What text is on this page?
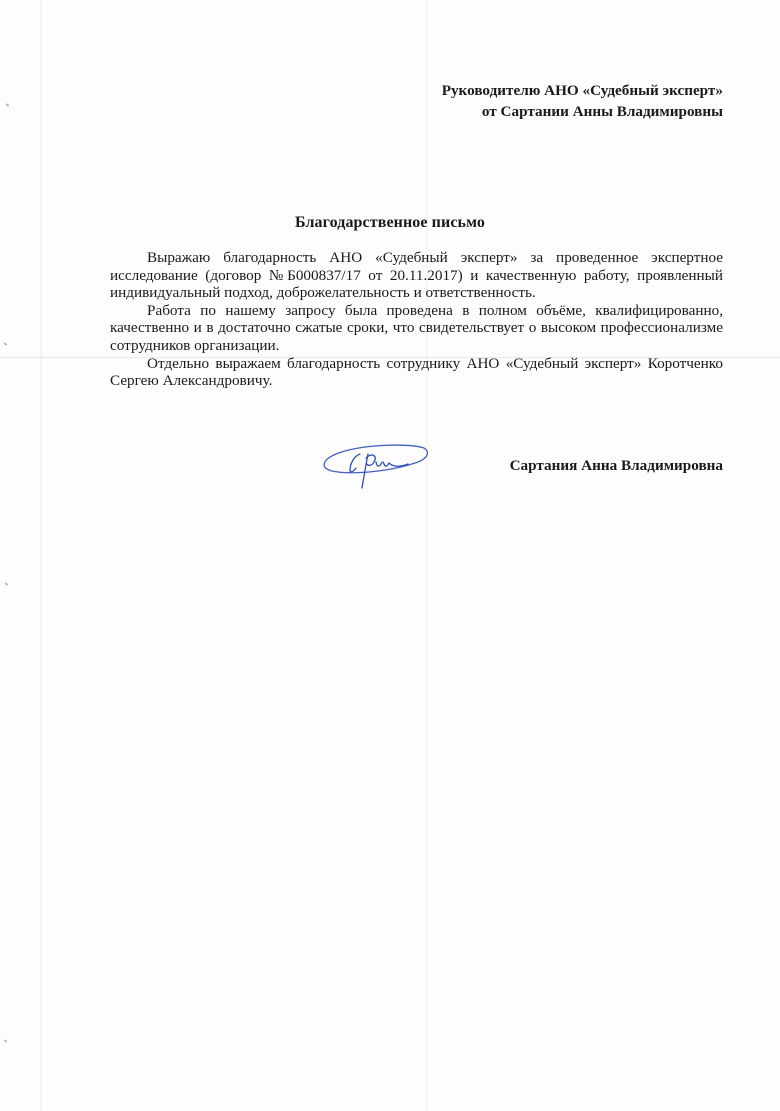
Руководителю АНО «Судебный эксперт»
от Сартании Анны Владимировны
Благодарственное письмо

Выражаю благодарность АНО «Судебный эксперт» за проведенное экспертное исследование (договор №Б000837/17 от 20.11.2017) и качественную работу, проявленный индивидуальный подход, доброжелательность и ответственность.

Работа по нашему запросу была проведена в полном объёме, квалифицированно, качественно и в достаточно сжатые сроки, что свидетельствует о высоком профессионализме сотрудников организации.

Отдельно выражаем благодарность сотруднику АНО «Судебный эксперт» Коротченко Сергею Александровичу.

Сартания Анна Владимировна
